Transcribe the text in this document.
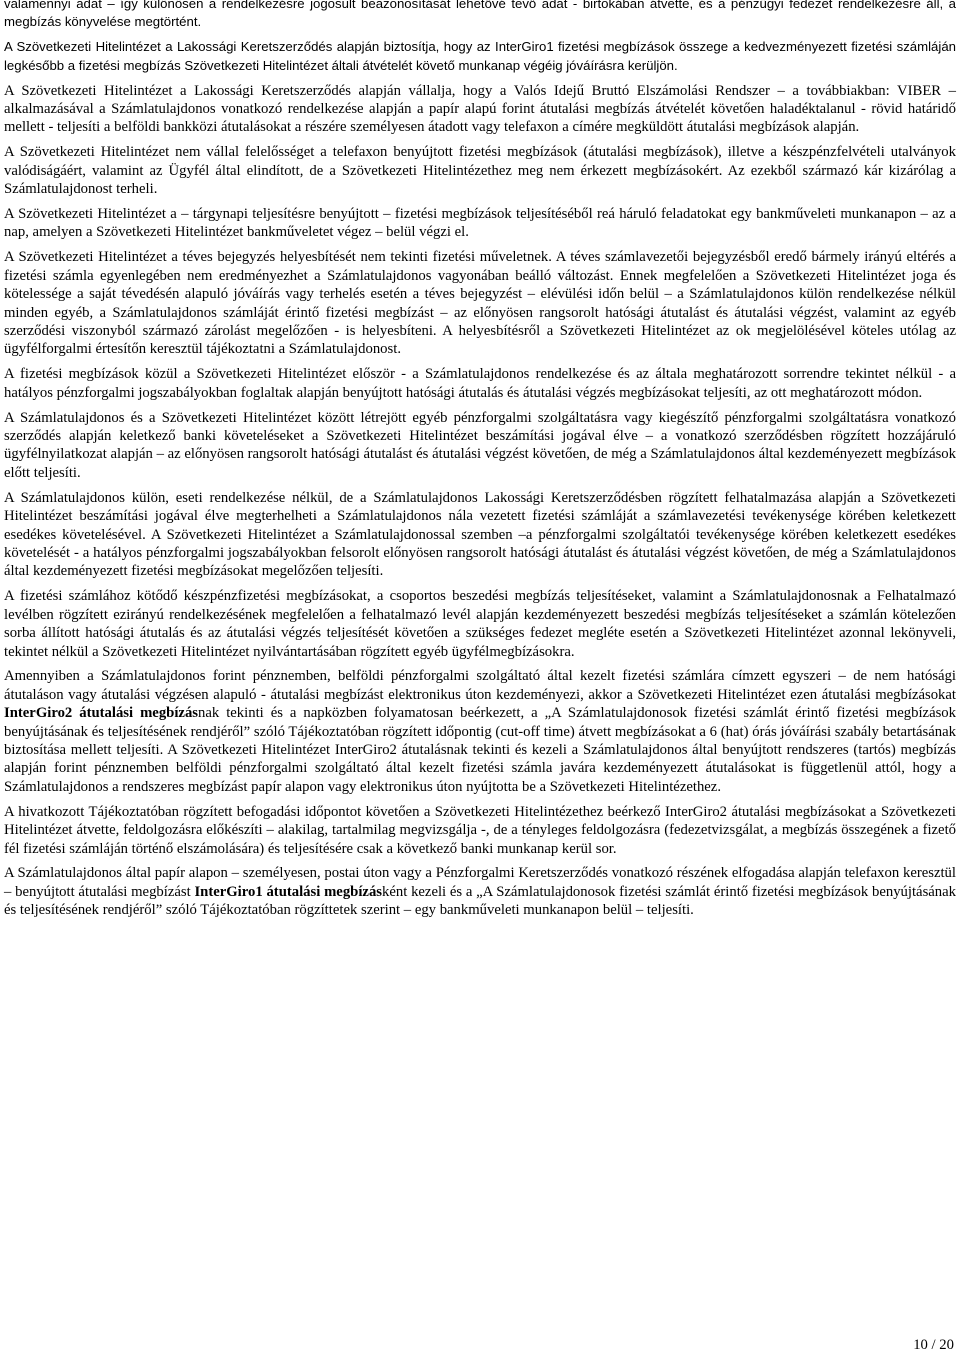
valamennyi adat – így különösen a rendelkezésre jogosult beazonosítását lehetővé tevő adat - birtokában átvette, és a pénzügyi fedezet rendelkezésre áll, a megbízás könyvelése megtörtént.

A Szövetkezeti Hitelintézet a Lakossági Keretszerződés alapján biztosítja, hogy az InterGiro1 fizetési megbízások összege a kedvezményezett fizetési számláján legkésőbb a fizetési megbízás Szövetkezeti Hitelintézet általi átvételét követő munkanap végéig jóváírásra kerüljön.

A Szövetkezeti Hitelintézet a Lakossági Keretszerződés alapján vállalja, hogy a Valós Idejű Bruttó Elszámolási Rendszer – a továbbiakban: VIBER – alkalmazásával a Számlatulajdonos vonatkozó rendelkezése alapján a papír alapú forint átutalási megbízás átvételét követően haladéktalanul - rövid határidő mellett - teljesíti a belföldi bankközi átutalásokat a részére személyesen átadott vagy telefaxon a címére megküldött átutalási megbízások alapján.

A Szövetkezeti Hitelintézet nem vállal felelősséget a telefaxon benyújtott fizetési megbízások (átutalási megbízások), illetve a készpénzfelvételi utalványok valódiságáért, valamint az Ügyfél által elindított, de a Szövetkezeti Hitelintézethez meg nem érkezett megbízásokért. Az ezekből származó kár kizárólag a Számlatulajdonost terheli.

A Szövetkezeti Hitelintézet a – tárgynapi teljesítésre benyújtott – fizetési megbízások teljesítéséből reá háruló feladatokat egy bankműveleti munkanapon – az a nap, amelyen a Szövetkezeti Hitelintézet bankműveletet végez – belül végzi el.

A Szövetkezeti Hitelintézet a téves bejegyzés helyesbítését nem tekinti fizetési műveletnek. A téves számlavezetői bejegyzésből eredő bármely irányú eltérés a fizetési számla egyenlegében nem eredményezhet a Számlatulajdonos vagyonában beálló változást. Ennek megfelelően a Szövetkezeti Hitelintézet joga és kötelessége a saját tévedésén alapuló jóváírás vagy terhelés esetén a téves bejegyzést – elévülési időn belül – a Számlatulajdonos külön rendelkezése nélkül minden egyéb, a Számlatulajdonos számláját érintő fizetési megbízást – az előnyösen rangsorolt hatósági átutalást és átutalási végzést, valamint az egyéb szerződési viszonyból származó zárolást megelőzően - is helyesbíteni. A helyesbítésről a Szövetkezeti Hitelintézet az ok megjelölésével köteles utólag az ügyfélforgalmi értesítőn keresztül tájékoztatni a Számlatulajdonost.

A fizetési megbízások közül a Szövetkezeti Hitelintézet először - a Számlatulajdonos rendelkezése és az általa meghatározott sorrendre tekintet nélkül - a hatályos pénzforgalmi jogszabályokban foglaltak alapján benyújtott hatósági átutalás és átutalási végzés megbízásokat teljesíti, az ott meghatározott módon.

A Számlatulajdonos és a Szövetkezeti Hitelintézet között létrejött egyéb pénzforgalmi szolgáltatásra vagy kiegészítő pénzforgalmi szolgáltatásra vonatkozó szerződés alapján keletkező banki követeléseket a Szövetkezeti Hitelintézet beszámítási jogával élve – a vonatkozó szerződésben rögzített hozzájáruló ügyfélnyilatkozat alapján – az előnyösen rangsorolt hatósági átutalást és átutalási végzést követően, de még a Számlatulajdonos által kezdeményezett megbízások előtt teljesíti.

A Számlatulajdonos külön, eseti rendelkezése nélkül, de a Számlatulajdonos Lakossági Keretszerződésben rögzített felhatalmazása alapján a Szövetkezeti Hitelintézet beszámítási jogával élve megterhelheti a Számlatulajdonos nála vezetett fizetési számláját a számlavezetési tevékenysége körében keletkezett esedékes követelésével. A Szövetkezeti Hitelintézet a Számlatulajdonossal szemben –a pénzforgalmi szolgáltatói tevékenysége körében keletkezett esedékes követelését - a hatályos pénzforgalmi jogszabályokban felsorolt előnyösen rangsorolt hatósági átutalást és átutalási végzést követően, de még a Számlatulajdonos által kezdeményezett fizetési megbízásokat megelőzően teljesíti.

A fizetési számlához kötődő készpénzfizetési megbízásokat, a csoportos beszedési megbízás teljesítéseket, valamint a Számlatulajdonosnak a Felhatalmazó levélben rögzített ezirányú rendelkezésének megfelelően a felhatalmazó levél alapján kezdeményezett beszedési megbízás teljesítéseket a számlán kötelezően sorba állított hatósági átutalás és az átutalási végzés teljesítését követően a szükséges fedezet megléte esetén a Szövetkezeti Hitelintézet azonnal lekönyveli, tekintet nélkül a Szövetkezeti Hitelintézet nyilvántartásában rögzített egyéb ügyfélmegbízásokra.

Amennyiben a Számlatulajdonos forint pénznemben, belföldi pénzforgalmi szolgáltató által kezelt fizetési számlára címzett egyszeri – de nem hatósági átutaláson vagy átutalási végzésen alapuló - átutalási megbízást elektronikus úton kezdeményezi, akkor a Szövetkezeti Hitelintézet ezen átutalási megbízásokat InterGiro2 átutalási megbízásnak tekinti és a napközben folyamatosan beérkezett, a „A Számlatulajdonosok fizetési számlát érintő fizetési megbízások benyújtásának és teljesítésének rendjéről” szóló Tájékoztatóban rögzített időpontig (cut-off time) átvett megbízásokat a 6 (hat) órás jóváírási szabály betartásának biztosítása mellett teljesíti. A Szövetkezeti Hitelintézet InterGiro2 átutalásnak tekinti és kezeli a Számlatulajdonos által benyújtott rendszeres (tartós) megbízás alapján forint pénznemben belföldi pénzforgalmi szolgáltató által kezelt fizetési számla javára kezdeményezett átutalásokat is függetlenül attól, hogy a Számlatulajdonos a rendszeres megbízást papír alapon vagy elektronikus úton nyújtotta be a Szövetkezeti Hitelintézethez.

A hivatkozott Tájékoztatóban rögzített befogadási időpontot követően a Szövetkezeti Hitelintézethez beérkező InterGiro2 átutalási megbízásokat a Szövetkezeti Hitelintézet átvette, feldolgozásra előkészíti – alakilag, tartalmilag megvizsgálja -, de a tényleges feldolgozásra (fedezetvizsgálat, a megbízás összegének a fizető fél fizetési számláján történő elszámolására) és teljesítésére csak a következő banki munkanap kerül sor.

A Számlatulajdonos által papír alapon – személyesen, postai úton vagy a Pénzforgalmi Keretszerződés vonatkozó részének elfogadása alapján telefaxon keresztül – benyújtott átutalási megbízást InterGiro1 átutalási megbízásként kezeli és a „A Számlatulajdonosok fizetési számlát érintő fizetési megbízások benyújtásának és teljesítésének rendjéről” szóló Tájékoztatóban rögzíttetek szerint – egy bankműveleti munkanapon belül – teljesíti.

10 / 20
